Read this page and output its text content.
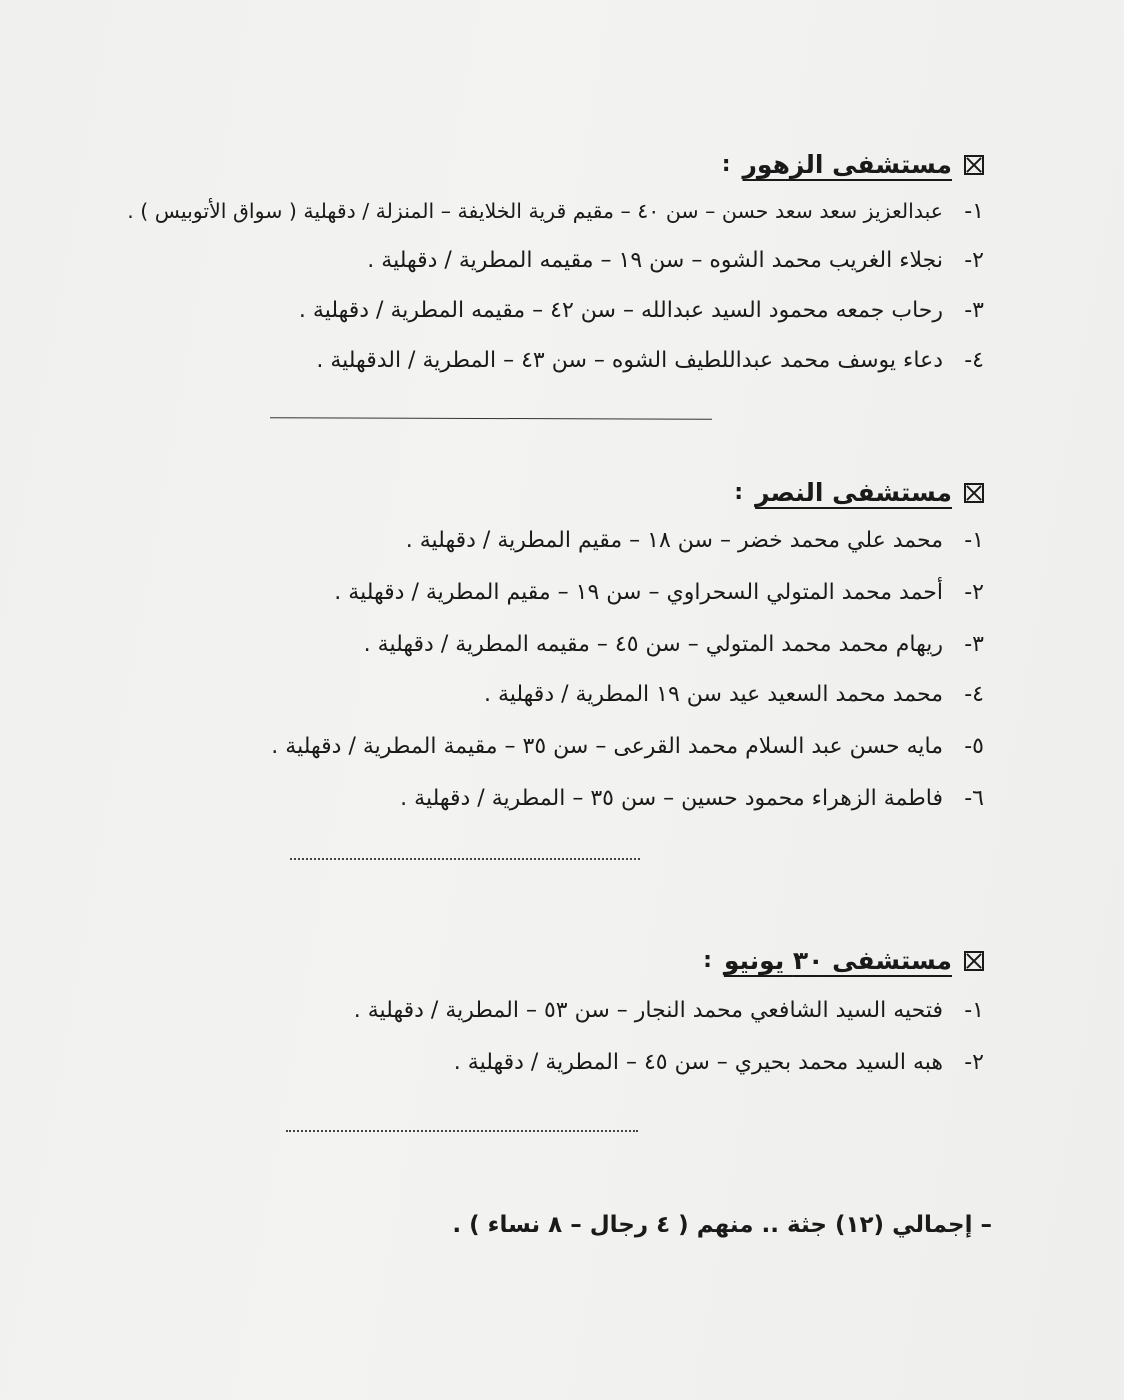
مستشفى الزهور
:
١- عبدالعزيز سعد سعد حسن – سن ٤٠ – مقيم قرية الخلايفة – المنزلة / دقهلية ( سواق الأتوبيس ) .
٢- نجلاء الغريب محمد الشوه – سن ١٩ – مقيمه المطرية / دقهلية .
٣- رحاب جمعه محمود السيد عبدالله – سن ٤٢ – مقيمه المطرية / دقهلية .
٤- دعاء يوسف محمد عبداللطيف الشوه – سن ٤٣ – المطرية / الدقهلية .
مستشفى النصر
:
١- محمد علي محمد خضر – سن ١٨ – مقيم المطرية / دقهلية .
٢- أحمد محمد المتولي السحراوي – سن ١٩ – مقيم المطرية / دقهلية .
٣- ريهام محمد محمد المتولي – سن ٤٥ – مقيمه المطرية / دقهلية .
٤- محمد محمد السعيد عيد سن ١٩ المطرية / دقهلية .
٥- مايه حسن عبد السلام محمد القرعى – سن ٣٥ – مقيمة المطرية / دقهلية .
٦- فاطمة الزهراء محمود حسين – سن ٣٥ – المطرية / دقهلية .
مستشفى ٣٠ يونيو
:
١- فتحيه السيد الشافعي محمد النجار – سن ٥٣ – المطرية / دقهلية .
٢- هبه السيد محمد بحيري – سن ٤٥ – المطرية / دقهلية .
– إجمالي (١٢) جثة .. منهم ( ٤ رجال – ٨ نساء ) .
